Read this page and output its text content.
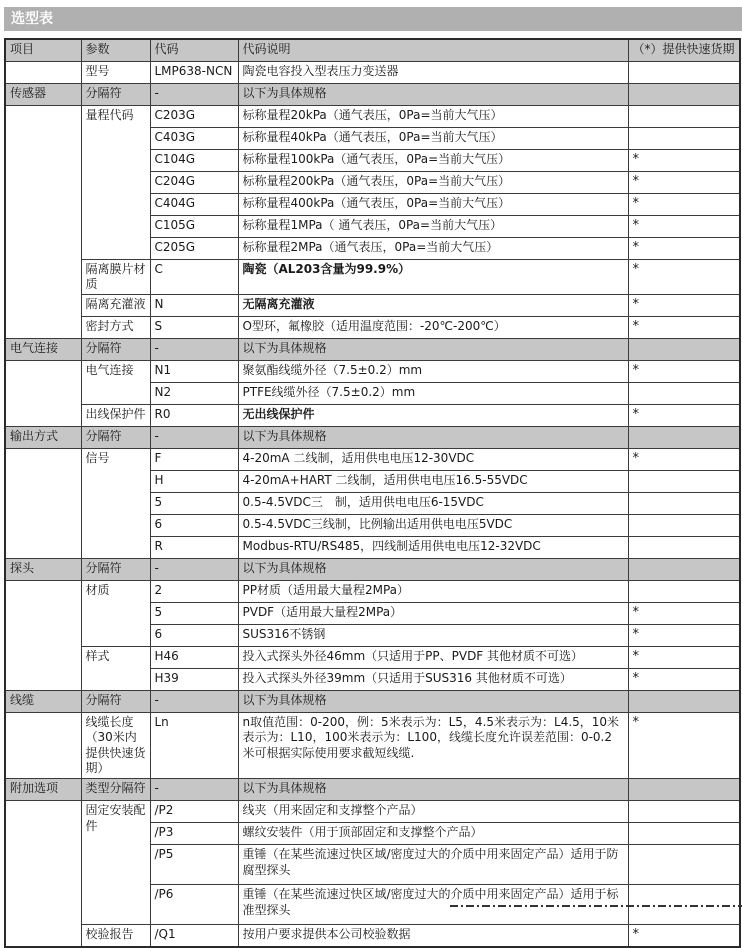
选型表
项目	参数	代码	代码说明	（*）提供快速货期
	型号	LMP638-NCN	陶瓷电容投入型表压力变送器	
传感器	分隔符	-	以下为具体规格	
	量程代码	C203G	标称量程20kPa（通气表压，0Pa=当前大气压）	
		C403G	标称量程40kPa（通气表压，0Pa=当前大气压）	
		C104G	标称量程100kPa（通气表压，0Pa=当前大气压）	*
		C204G	标称量程200kPa（通气表压，0Pa=当前大气压）	*
		C404G	标称量程400kPa（通气表压，0Pa=当前大气压）	*
		C105G	标称量程1MPa（ 通气表压，0Pa=当前大气压）	*
		C205G	标称量程2MPa（通气表压，0Pa=当前大气压）	*
	隔离膜片材质	C	陶瓷（AL203含量为99.9%）	*
	隔离充灌液	N	无隔离充灌液	*
	密封方式	S	O型环，氟橡胶（适用温度范围：-20℃-200℃）	*
电气连接	分隔符	-	以下为具体规格	
	电气连接	N1	聚氨酯线缆外径（7.5±0.2）mm	*
		N2	PTFE线缆外径（7.5±0.2）mm	
	出线保护件	R0	无出线保护件	*
输出方式	分隔符	-	以下为具体规格	
	信号	F	4-20mA 二线制，适用供电电压12-30VDC	*
		H	4-20mA+HART 二线制，适用供电电压16.5-55VDC	
		5	0.5-4.5VDC三　制，适用供电电压6-15VDC	
		6	0.5-4.5VDC三线制，比例输出适用供电电压5VDC	
		R	Modbus-RTU/RS485，四线制适用供电电压12-32VDC	
探头	分隔符	-	以下为具体规格	
	材质	2	PP材质（适用最大量程2MPa）	
		5	PVDF（适用最大量程2MPa）	*
		6	SUS316不锈钢	*
	样式	H46	投入式探头外径46mm（只适用于PP、PVDF 其他材质不可选）	*
		H39	投入式探头外径39mm（只适用于SUS316 其他材质不可选）	*
线缆	分隔符	-	以下为具体规格	
	线缆长度（30米内提供快速货期）	Ln	n取值范围：0-200，例：5米表示为：L5，4.5米表示为：L4.5，10米表示为：L10，100米表示为：L100，线缆长度允许误差范围：0-0.2米可根据实际使用要求截短线缆.	*
附加选项	类型分隔符	-	以下为具体规格	
	固定安装配件	/P2	线夹（用来固定和支撑整个产品）	
		/P3	螺纹安装件（用于顶部固定和支撑整个产品）	
		/P5	重锤（在某些流速过快区域/密度过大的介质中用来固定产品）适用于防腐型探头	
		/P6	重锤（在某些流速过快区域/密度过大的介质中用来固定产品）适用于标准型探头	
	校验报告	/Q1	按用户要求提供本公司校验数据	*
